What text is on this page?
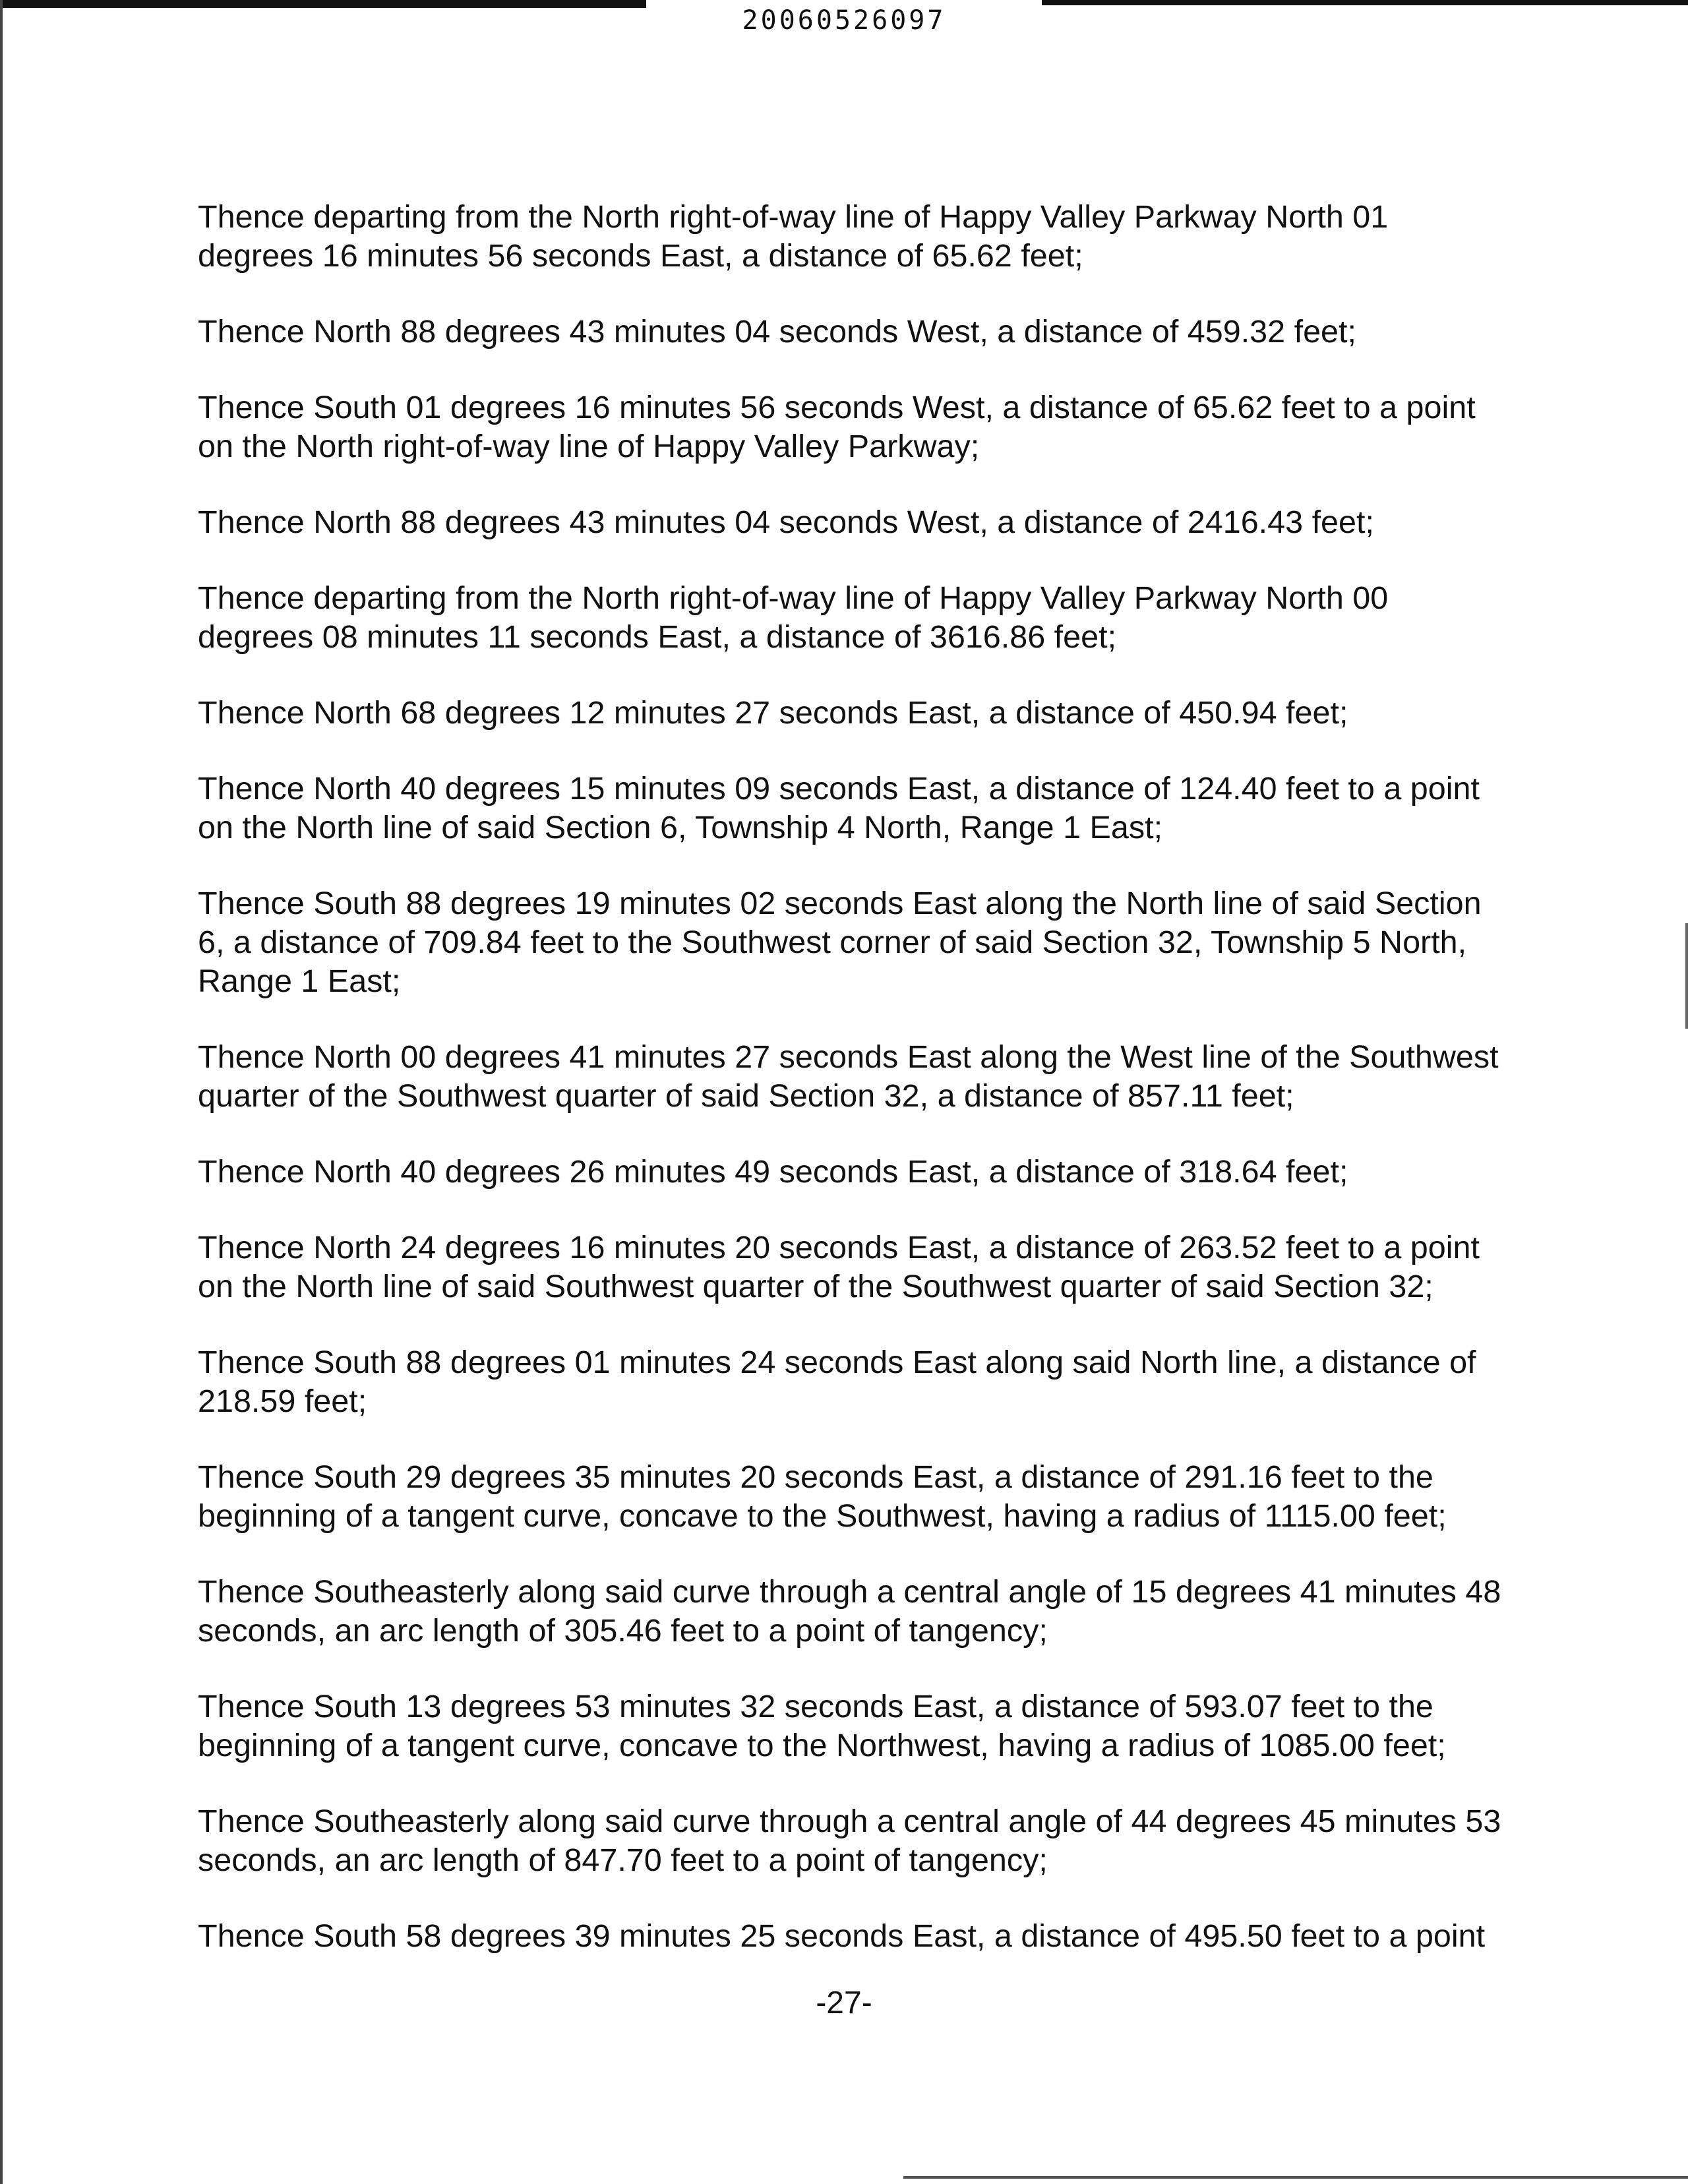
20060526097

Thence departing from the North right-of-way line of Happy Valley Parkway North 01 degrees 16 minutes 56 seconds East, a distance of 65.62 feet;

Thence North 88 degrees 43 minutes 04 seconds West, a distance of 459.32 feet;

Thence South 01 degrees 16 minutes 56 seconds West, a distance of 65.62 feet to a point on the North right-of-way line of Happy Valley Parkway;

Thence North 88 degrees 43 minutes 04 seconds West, a distance of 2416.43 feet;

Thence departing from the North right-of-way line of Happy Valley Parkway North 00 degrees 08 minutes 11 seconds East, a distance of 3616.86 feet;

Thence North 68 degrees 12 minutes 27 seconds East, a distance of 450.94 feet;

Thence North 40 degrees 15 minutes 09 seconds East, a distance of 124.40 feet to a point on the North line of said Section 6, Township 4 North, Range 1 East;

Thence South 88 degrees 19 minutes 02 seconds East along the North line of said Section 6, a distance of 709.84 feet to the Southwest corner of said Section 32, Township 5 North, Range 1 East;

Thence North 00 degrees 41 minutes 27 seconds East along the West line of the Southwest quarter of the Southwest quarter of said Section 32, a distance of 857.11 feet;

Thence North 40 degrees 26 minutes 49 seconds East, a distance of 318.64 feet;

Thence North 24 degrees 16 minutes 20 seconds East, a distance of 263.52 feet to a point on the North line of said Southwest quarter of the Southwest quarter of said Section 32;

Thence South 88 degrees 01 minutes 24 seconds East along said North line, a distance of 218.59 feet;

Thence South 29 degrees 35 minutes 20 seconds East, a distance of 291.16 feet to the beginning of a tangent curve, concave to the Southwest, having a radius of 1115.00 feet;

Thence Southeasterly along said curve through a central angle of 15 degrees 41 minutes 48 seconds, an arc length of 305.46 feet to a point of tangency;

Thence South 13 degrees 53 minutes 32 seconds East, a distance of 593.07 feet to the beginning of a tangent curve, concave to the Northwest, having a radius of 1085.00 feet;

Thence Southeasterly along said curve through a central angle of 44 degrees 45 minutes 53 seconds, an arc length of 847.70 feet to a point of tangency;

Thence South 58 degrees 39 minutes 25 seconds East, a distance of 495.50 feet to a point

-27-
